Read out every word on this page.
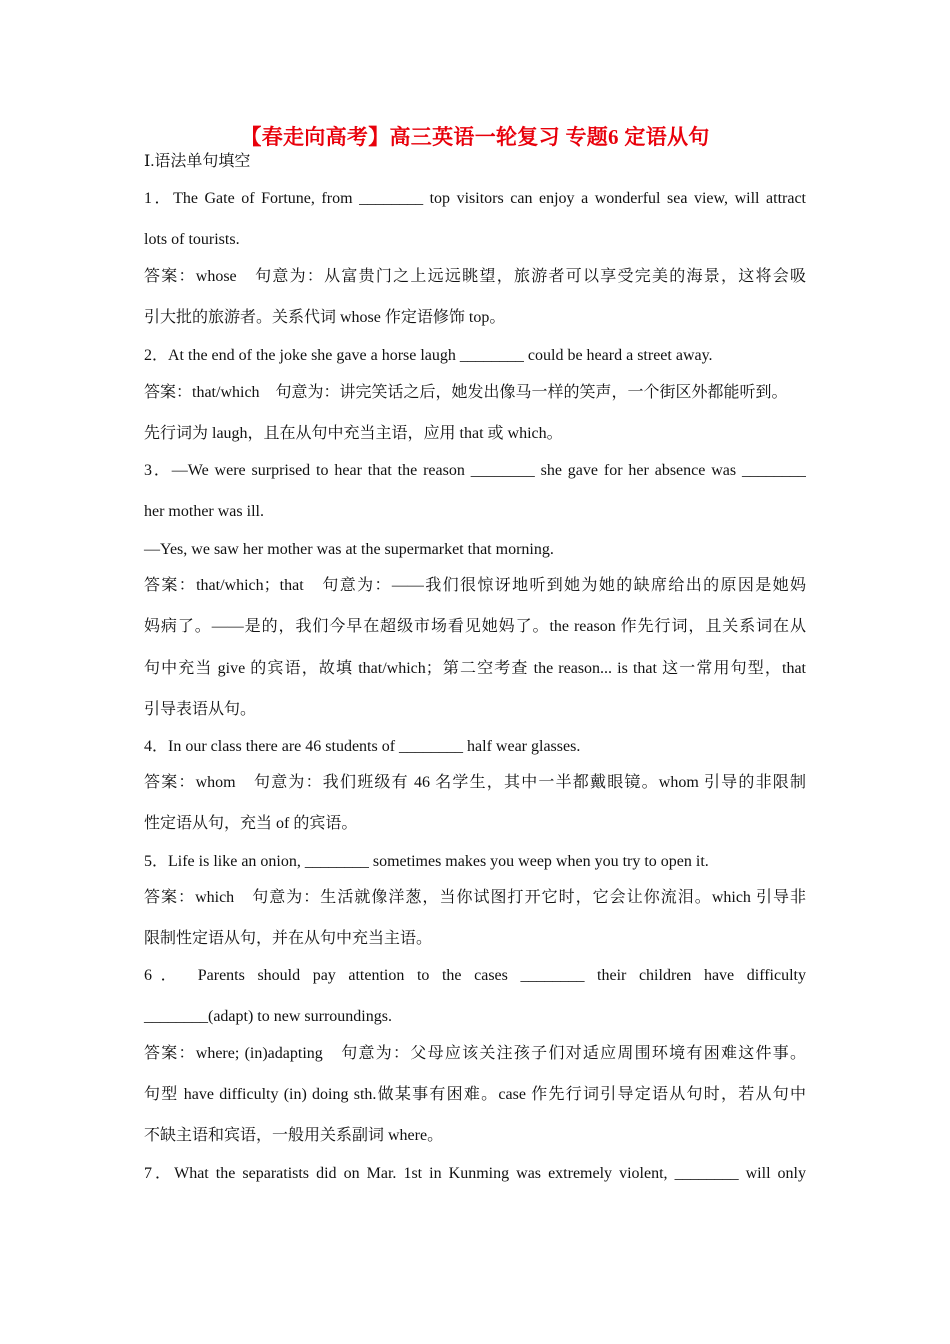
【春走向高考】高三英语一轮复习 专题6 定语从句
Ⅰ.语法单句填空
1．The Gate of Fortune, from ________ top visitors can enjoy a wonderful sea view, will attract
lots of tourists.
答案：whose　句意为：从富贵门之上远远眺望，旅游者可以享受完美的海景，这将会吸
引大批的旅游者。关系代词 whose 作定语修饰 top。
2．At the end of the joke she gave a horse laugh ________ could be heard a street away.
答案：that/which　句意为：讲完笑话之后，她发出像马一样的笑声，一个街区外都能听到。
先行词为 laugh，且在从句中充当主语，应用 that 或 which。
3．—We were surprised to hear that the reason ________ she gave for her absence was ________
her mother was ill.
—Yes, we saw her mother was at the supermarket that morning.
答案：that/which；that　句意为：——我们很惊讶地听到她为她的缺席给出的原因是她妈
妈病了。——是的，我们今早在超级市场看见她妈了。the reason 作先行词，且关系词在从
句中充当 give 的宾语，故填 that/which；第二空考查 the reason... is that 这一常用句型，that
引导表语从句。
4．In our class there are 46 students of ________ half wear glasses.
答案：whom　句意为：我们班级有 46 名学生，其中一半都戴眼镜。whom 引导的非限制
性定语从句，充当 of 的宾语。
5．Life is like an onion, ________ sometimes makes you weep when you try to open it.
答案：which　句意为：生活就像洋葱，当你试图打开它时，它会让你流泪。which 引导非
限制性定语从句，并在从句中充当主语。
6． Parents should pay attention to the cases ________ their children have difficulty
________(adapt) to new surroundings.
答案：where; (in)adapting　句意为：父母应该关注孩子们对适应周围环境有困难这件事。
句型 have difficulty (in) doing sth.做某事有困难。case 作先行词引导定语从句时，若从句中
不缺主语和宾语，一般用关系副词 where。
7．What the separatists did on Mar. 1st in Kunming was extremely violent, ________ will only
